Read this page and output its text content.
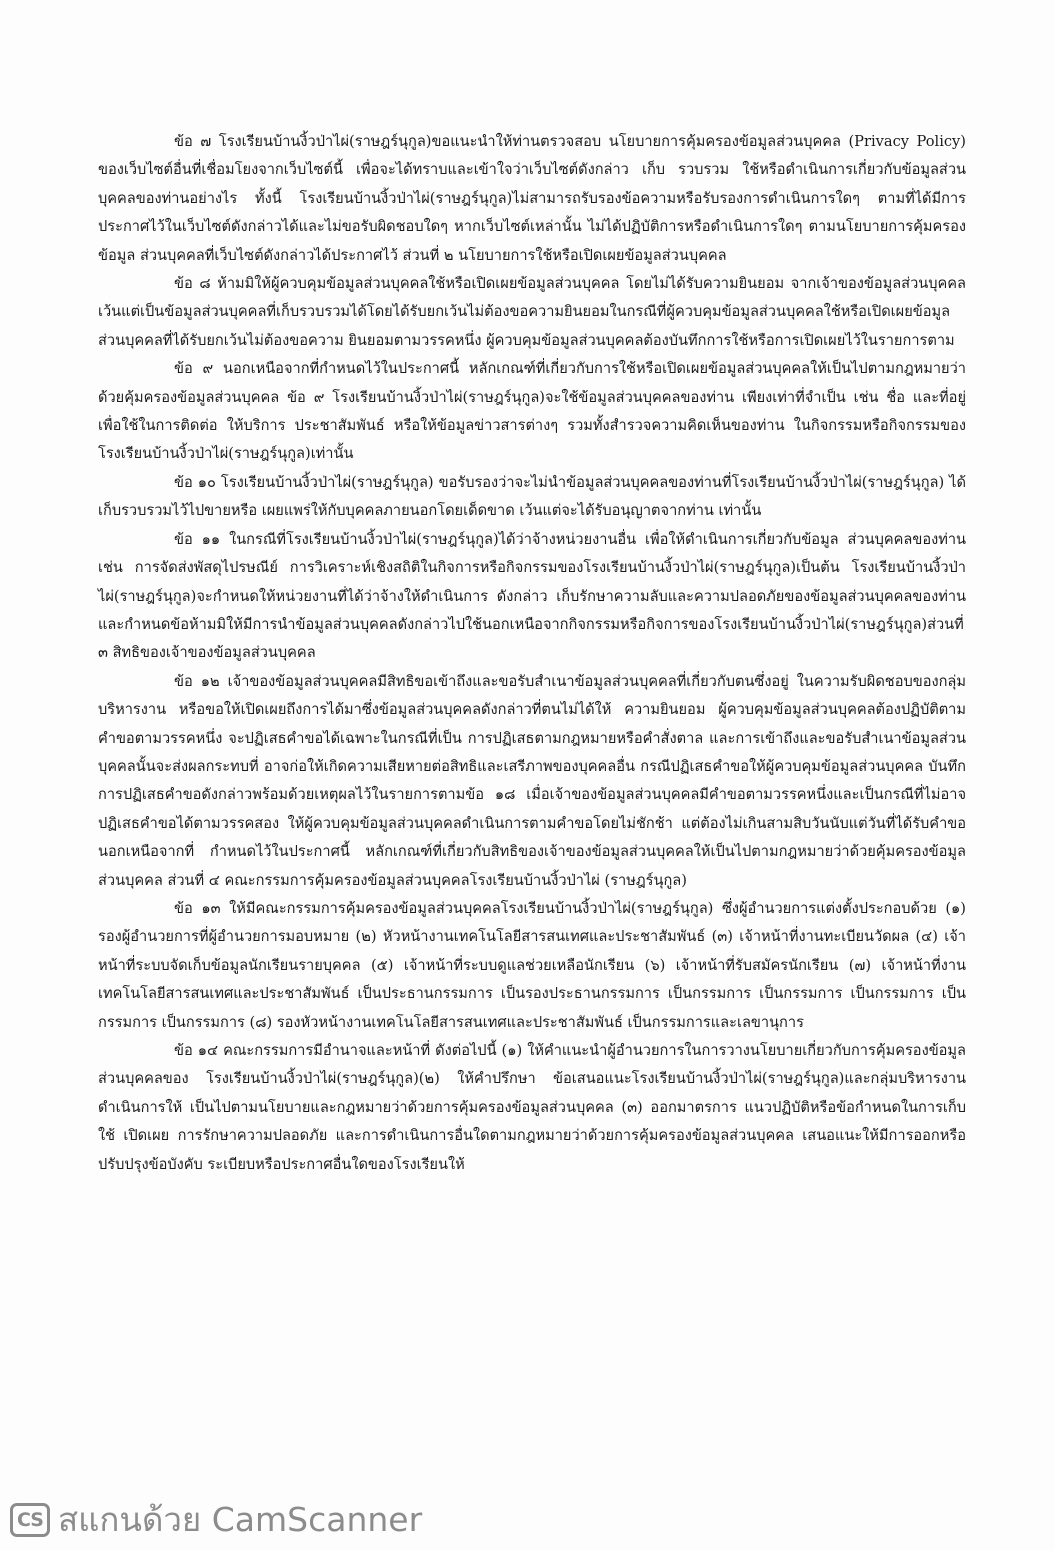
ข้อ ๗ โรงเรียนบ้านงิ้วป่าไผ่(ราษฎร์นุกูล)ขอแนะนำให้ท่านตรวจสอบ นโยบายการคุ้มครองข้อมูลส่วนบุคคล (Privacy Policy) ของเว็บไซต์อื่นที่เชื่อมโยงจากเว็บไซต์นี้ เพื่อจะได้ทราบและเข้าใจว่าเว็บไซต์ดังกล่าว เก็บ รวบรวม ใช้หรือดำเนินการเกี่ยวกับข้อมูลส่วนบุคคลของท่านอย่างไร ทั้งนี้ โรงเรียนบ้านงิ้วป่าไผ่(ราษฎร์นุกูล)ไม่สามารถรับรองข้อความหรือรับรองการดำเนินการใดๆ ตามที่ได้มีการประกาศไว้ในเว็บไซต์ดังกล่าวได้และไม่ขอรับผิดชอบใดๆ หากเว็บไซต์เหล่านั้น ไม่ได้ปฏิบัติการหรือดำเนินการใดๆ ตามนโยบายการคุ้มครองข้อมูล ส่วนบุคคลที่เว็บไซต์ดังกล่าวได้ประกาศไว้ ส่วนที่ ๒ นโยบายการใช้หรือเปิดเผยข้อมูลส่วนบุคคล

ข้อ ๘ ห้ามมิให้ผู้ควบคุมข้อมูลส่วนบุคคลใช้หรือเปิดเผยข้อมูลส่วนบุคคล โดยไม่ได้รับความยินยอม จากเจ้าของข้อมูลส่วนบุคคล เว้นแต่เป็นข้อมูลส่วนบุคคลที่เก็บรวบรวมได้โดยได้รับยกเว้นไม่ต้องขอความยินยอมในกรณีที่ผู้ควบคุมข้อมูลส่วนบุคคลใช้หรือเปิดเผยข้อมูลส่วนบุคคลที่ได้รับยกเว้นไม่ต้องขอความ ยินยอมตามวรรคหนึ่ง ผู้ควบคุมข้อมูลส่วนบุคคลต้องบันทึกการใช้หรือการเปิดเผยไว้ในรายการตาม

ข้อ ๙ นอกเหนือจากที่กำหนดไว้ในประกาศนี้ หลักเกณฑ์ที่เกี่ยวกับการใช้หรือเปิดเผยข้อมูลส่วนบุคคลให้เป็นไปตามกฎหมายว่าด้วยคุ้มครองข้อมูลส่วนบุคคล ข้อ ๙ โรงเรียนบ้านงิ้วป่าไผ่(ราษฎร์นุกูล)จะใช้ข้อมูลส่วนบุคคลของท่าน เพียงเท่าที่จำเป็น เช่น ชื่อ และที่อยู่ เพื่อใช้ในการติดต่อ ให้บริการ ประชาสัมพันธ์ หรือให้ข้อมูลข่าวสารต่างๆ รวมทั้งสำรวจความคิดเห็นของท่าน ในกิจกรรมหรือกิจกรรมของโรงเรียนบ้านงิ้วป่าไผ่(ราษฎร์นุกูล)เท่านั้น

ข้อ ๑๐ โรงเรียนบ้านงิ้วป่าไผ่(ราษฎร์นุกูล) ขอรับรองว่าจะไม่นำข้อมูลส่วนบุคคลของท่านที่โรงเรียนบ้านงิ้วป่าไผ่(ราษฎร์นุกูล) ได้เก็บรวบรวมไว้ไปขายหรือ เผยแพร่ให้กับบุคคลภายนอกโดยเด็ดขาด เว้นแต่จะได้รับอนุญาตจากท่าน เท่านั้น

ข้อ ๑๑ ในกรณีที่โรงเรียนบ้านงิ้วป่าไผ่(ราษฎร์นุกูล)ได้ว่าจ้างหน่วยงานอื่น เพื่อให้ดำเนินการเกี่ยวกับข้อมูล ส่วนบุคคลของท่าน เช่น การจัดส่งพัสดุไปรษณีย์ การวิเคราะห์เชิงสถิติในกิจการหรือกิจกรรมของโรงเรียนบ้านงิ้วป่าไผ่(ราษฎร์นุกูล)เป็นต้น โรงเรียนบ้านงิ้วป่าไผ่(ราษฎร์นุกูล)จะกำหนดให้หน่วยงานที่ได้ว่าจ้างให้ดำเนินการ ดังกล่าว เก็บรักษาความลับและความปลอดภัยของข้อมูลส่วนบุคคลของท่าน และกำหนดข้อห้ามมิให้มีการนำข้อมูลส่วนบุคคลดังกล่าวไปใช้นอกเหนือจากกิจกรรมหรือกิจการของโรงเรียนบ้านงิ้วป่าไผ่(ราษฎร์นุกูล)ส่วนที่ ๓ สิทธิของเจ้าของข้อมูลส่วนบุคคล

ข้อ ๑๒ เจ้าของข้อมูลส่วนบุคคลมีสิทธิขอเข้าถึงและขอรับสำเนาข้อมูลส่วนบุคคลที่เกี่ยวกับตนซึ่งอยู่ ในความรับผิดชอบของกลุ่มบริหารงาน หรือขอให้เปิดเผยถึงการได้มาซึ่งข้อมูลส่วนบุคคลดังกล่าวที่ตนไม่ได้ให้ ความยินยอม ผู้ควบคุมข้อมูลส่วนบุคคลต้องปฏิบัติตามคำขอตามวรรคหนึ่ง จะปฏิเสธคำขอได้เฉพาะในกรณีที่เป็น การปฏิเสธตามกฎหมายหรือคำสั่งตาล และการเข้าถึงและขอรับสำเนาข้อมูลส่วนบุคคลนั้นจะส่งผลกระทบที่ อาจก่อให้เกิดความเสียหายต่อสิทธิและเสรีภาพของบุคคลอื่น กรณีปฏิเสธคำขอให้ผู้ควบคุมข้อมูลส่วนบุคคล บันทึกการปฏิเสธคำขอดังกล่าวพร้อมด้วยเหตุผลไว้ในรายการตามข้อ ๑๘ เมื่อเจ้าของข้อมูลส่วนบุคคลมีคำขอตามวรรคหนึ่งและเป็นกรณีที่ไม่อาจปฏิเสธคำขอได้ตามวรรคสอง ให้ผู้ควบคุมข้อมูลส่วนบุคคลดำเนินการตามคำขอโดยไม่ชักช้า แต่ต้องไม่เกินสามสิบวันนับแต่วันที่ได้รับคำขอ นอกเหนือจากที่ กำหนดไว้ในประกาศนี้ หลักเกณฑ์ที่เกี่ยวกับสิทธิของเจ้าของข้อมูลส่วนบุคคลให้เป็นไปตามกฎหมายว่าด้วยคุ้มครองข้อมูลส่วนบุคคล ส่วนที่ ๔ คณะกรรมการคุ้มครองข้อมูลส่วนบุคคลโรงเรียนบ้านงิ้วป่าไผ่ (ราษฎร์นุกูล)

ข้อ ๑๓ ให้มีคณะกรรมการคุ้มครองข้อมูลส่วนบุคคลโรงเรียนบ้านงิ้วป่าไผ่(ราษฎร์นุกูล) ซึ่งผู้อำนวยการแต่งตั้งประกอบด้วย (๑) รองผู้อำนวยการที่ผู้อำนวยการมอบหมาย (๒) หัวหน้างานเทคโนโลยีสารสนเทศและประชาสัมพันธ์ (๓) เจ้าหน้าที่งานทะเบียนวัดผล (๔) เจ้าหน้าที่ระบบจัดเก็บข้อมูลนักเรียนรายบุคคล (๕) เจ้าหน้าที่ระบบดูแลช่วยเหลือนักเรียน (๖) เจ้าหน้าที่รับสมัครนักเรียน (๗) เจ้าหน้าที่งานเทคโนโลยีสารสนเทศและประชาสัมพันธ์ เป็นประธานกรรมการ เป็นรองประธานกรรมการ เป็นกรรมการ เป็นกรรมการ เป็นกรรมการ เป็นกรรมการ เป็นกรรมการ (๘) รองหัวหน้างานเทคโนโลยีสารสนเทศและประชาสัมพันธ์ เป็นกรรมการและเลขานุการ

ข้อ ๑๔ คณะกรรมการมีอำนาจและหน้าที่ ดังต่อไปนี้ (๑) ให้คำแนะนำผู้อำนวยการในการวางนโยบายเกี่ยวกับการคุ้มครองข้อมูลส่วนบุคคลของ โรงเรียนบ้านงิ้วป่าไผ่(ราษฎร์นุกูล)(๒) ให้คำปรึกษา ข้อเสนอแนะโรงเรียนบ้านงิ้วป่าไผ่(ราษฎร์นุกูล)และกลุ่มบริหารงานดำเนินการให้ เป็นไปตามนโยบายและกฎหมายว่าด้วยการคุ้มครองข้อมูลส่วนบุคคล (๓) ออกมาตรการ แนวปฏิบัติหรือข้อกำหนดในการเก็บใช้ เปิดเผย การรักษาความปลอดภัย และการดำเนินการอื่นใดตามกฎหมายว่าด้วยการคุ้มครองข้อมูลส่วนบุคคล เสนอแนะให้มีการออกหรือปรับปรุงข้อบังคับ ระเบียบหรือประกาศอื่นใดของโรงเรียนให้

CS สแกนด้วย CamScanner
